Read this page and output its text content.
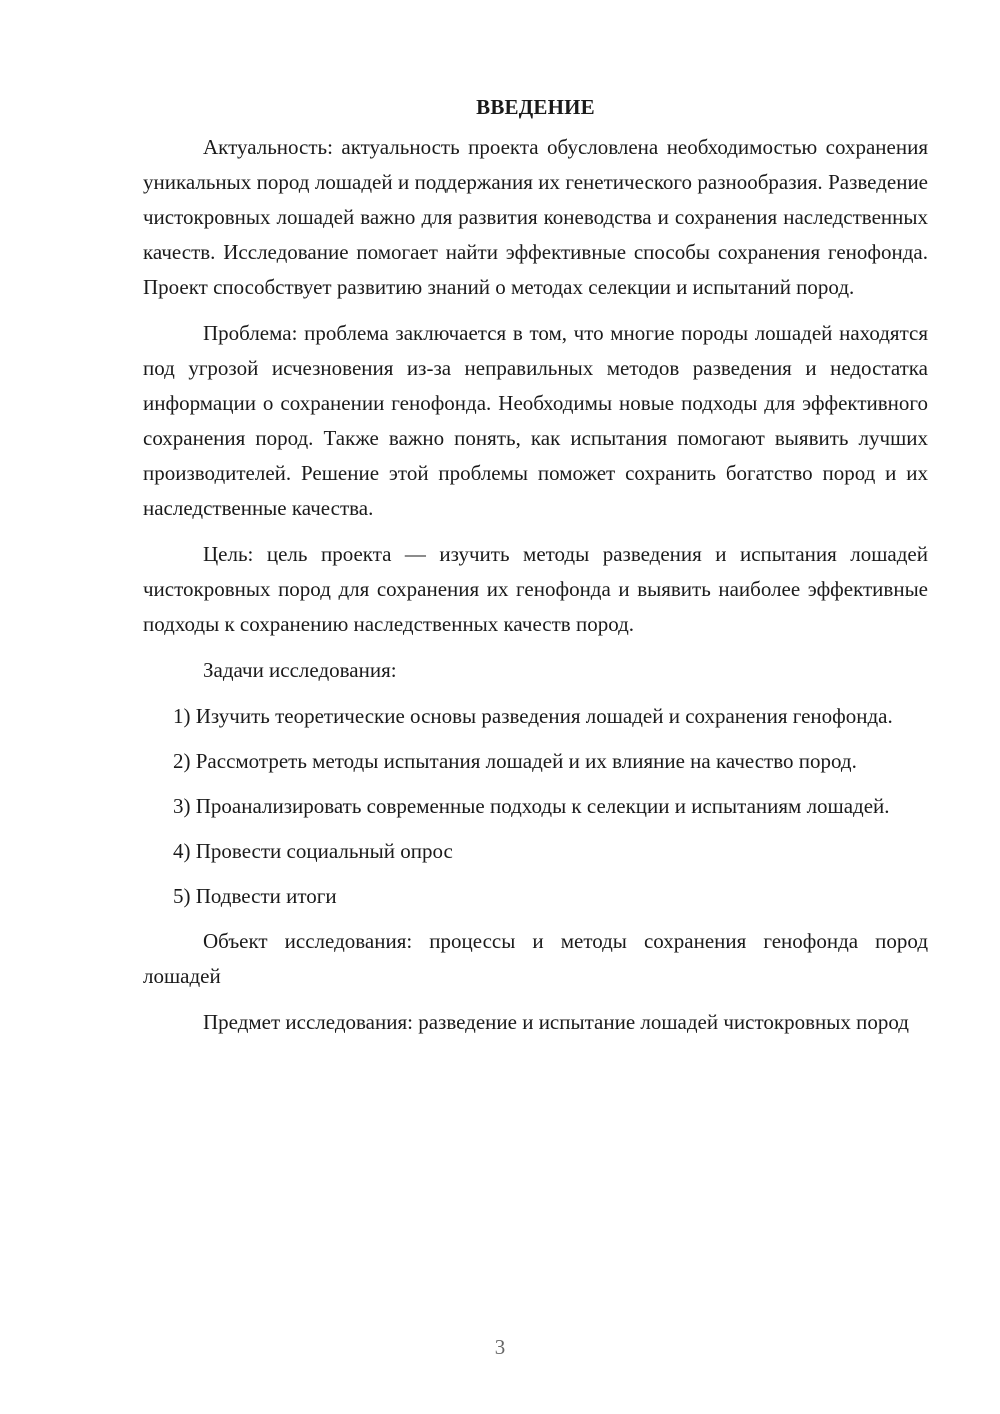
ВВЕДЕНИЕ

Актуальность: актуальность проекта обусловлена необходимостью сохранения уникальных пород лошадей и поддержания их генетического разнообразия. Разведение чистокровных лошадей важно для развития коневодства и сохранения наследственных качеств. Исследование помогает найти эффективные способы сохранения генофонда. Проект способствует развитию знаний о методах селекции и испытаний пород.

Проблема: проблема заключается в том, что многие породы лошадей находятся под угрозой исчезновения из-за неправильных методов разведения и недостатка информации о сохранении генофонда. Необходимы новые подходы для эффективного сохранения пород. Также важно понять, как испытания помогают выявить лучших производителей. Решение этой проблемы поможет сохранить богатство пород и их наследственные качества.

Цель: цель проекта — изучить методы разведения и испытания лошадей чистокровных пород для сохранения их генофонда и выявить наиболее эффективные подходы к сохранению наследственных качеств пород.

Задачи исследования:

1) Изучить теоретические основы разведения лошадей и сохранения генофонда.

2) Рассмотреть методы испытания лошадей и их влияние на качество пород.

3) Проанализировать современные подходы к селекции и испытаниям лошадей.

4) Провести социальный опрос

5) Подвести итоги

Объект исследования: процессы и методы сохранения генофонда пород лошадей

Предмет исследования: разведение и испытание лошадей чистокровных пород

3
